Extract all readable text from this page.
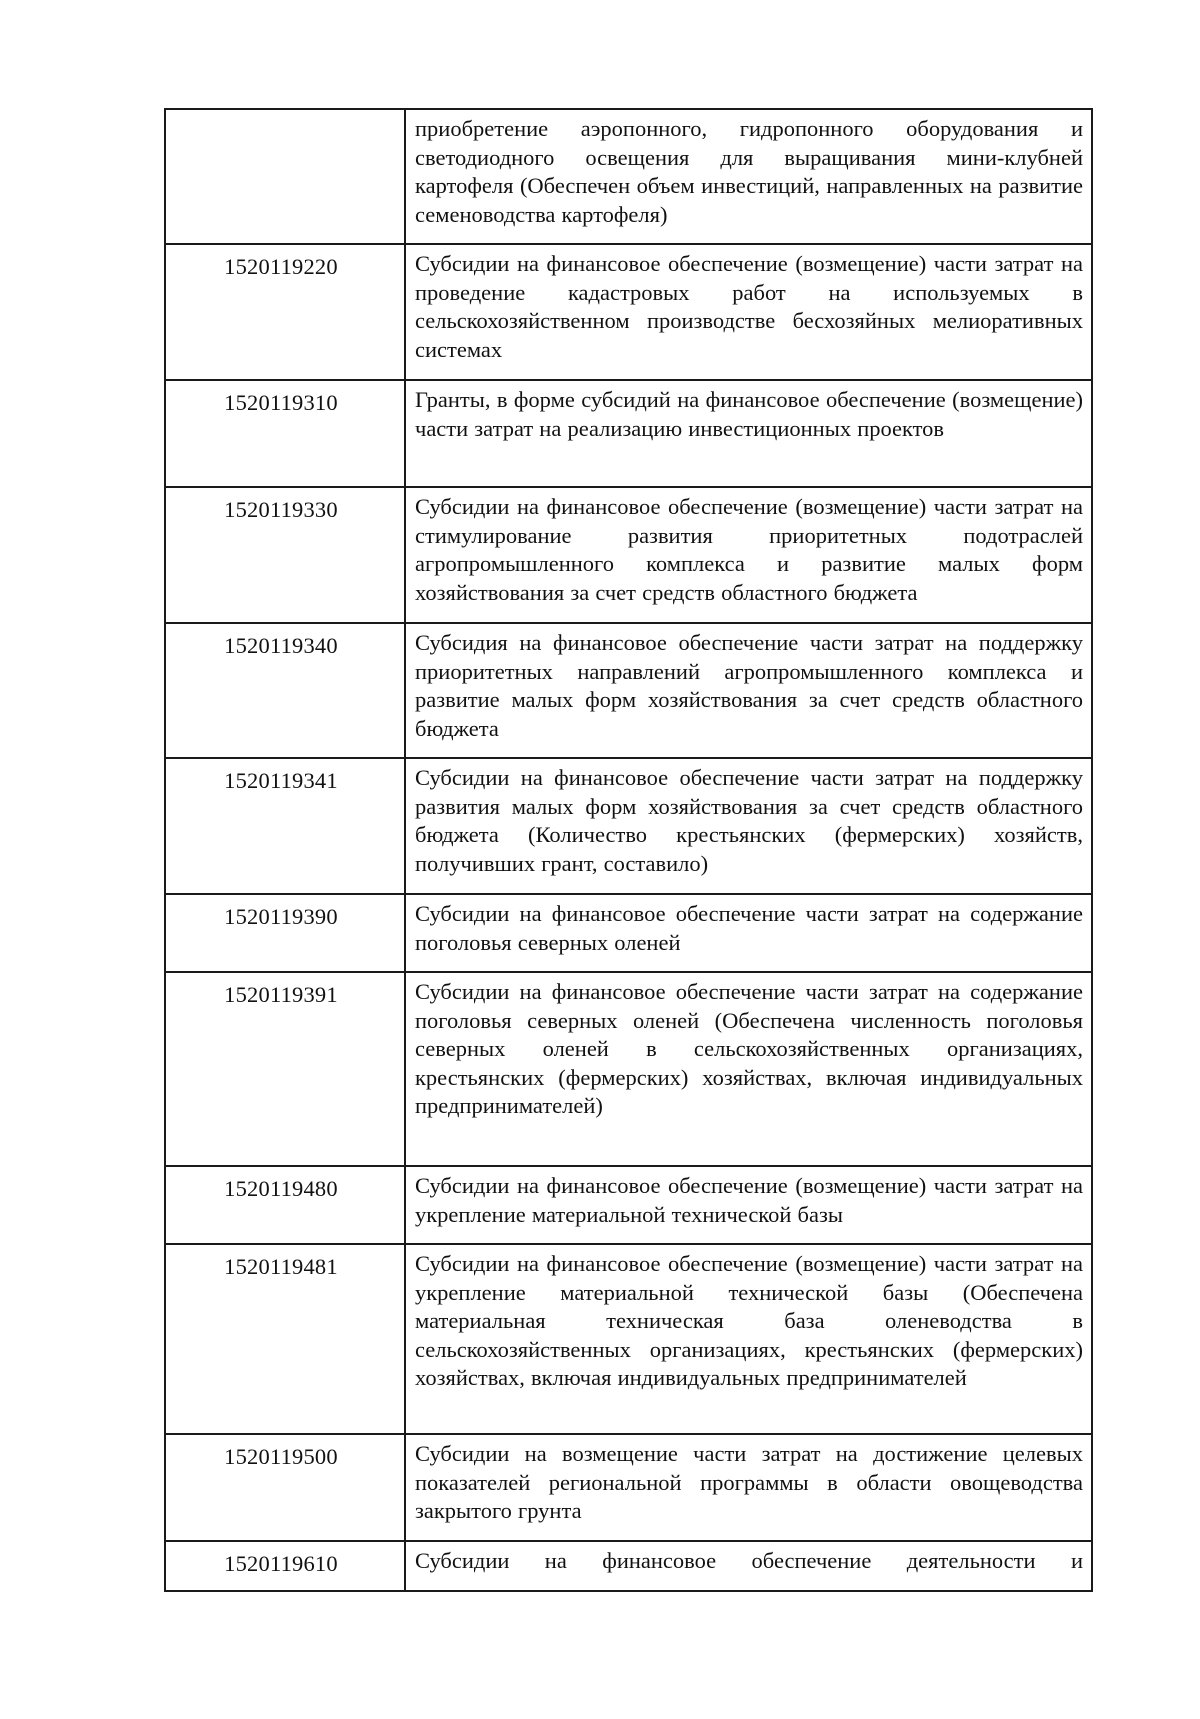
	приобретение аэропонного, гидропонного оборудования и светодиодного освещения для выращивания мини-клубней картофеля (Обеспечен объем инвестиций, направленных на развитие семеноводства картофеля)
1520119220	Субсидии на финансовое обеспечение (возмещение) части затрат на проведение кадастровых работ на используемых в сельскохозяйственном производстве бесхозяйных мелиоративных системах
1520119310	Гранты, в форме субсидий на финансовое обеспечение (возмещение) части затрат на реализацию инвестиционных проектов
1520119330	Субсидии на финансовое обеспечение (возмещение) части затрат на стимулирование развития приоритетных подотраслей агропромышленного комплекса и развитие малых форм хозяйствования за счет средств областного бюджета
1520119340	Субсидия на финансовое обеспечение части затрат на поддержку приоритетных направлений агропромышленного комплекса и развитие малых форм хозяйствования за счет средств областного бюджета
1520119341	Субсидии на финансовое обеспечение части затрат на поддержку развития малых форм хозяйствования за счет средств областного бюджета (Количество крестьянских (фермерских) хозяйств, получивших грант, составило)
1520119390	Субсидии на финансовое обеспечение части затрат на содержание поголовья северных оленей
1520119391	Субсидии на финансовое обеспечение части затрат на содержание поголовья северных оленей (Обеспечена численность поголовья северных оленей в сельскохозяйственных организациях, крестьянских (фермерских) хозяйствах, включая индивидуальных предпринимателей)
1520119480	Субсидии на финансовое обеспечение (возмещение) части затрат на укрепление материальной технической базы
1520119481	Субсидии на финансовое обеспечение (возмещение) части затрат на укрепление материальной технической базы (Обеспечена материальная техническая база оленеводства в сельскохозяйственных организациях, крестьянских (фермерских) хозяйствах, включая индивидуальных предпринимателей
1520119500	Субсидии на возмещение части затрат на достижение целевых показателей региональной программы в области овощеводства закрытого грунта
1520119610	Субсидии на финансовое обеспечение деятельности и
